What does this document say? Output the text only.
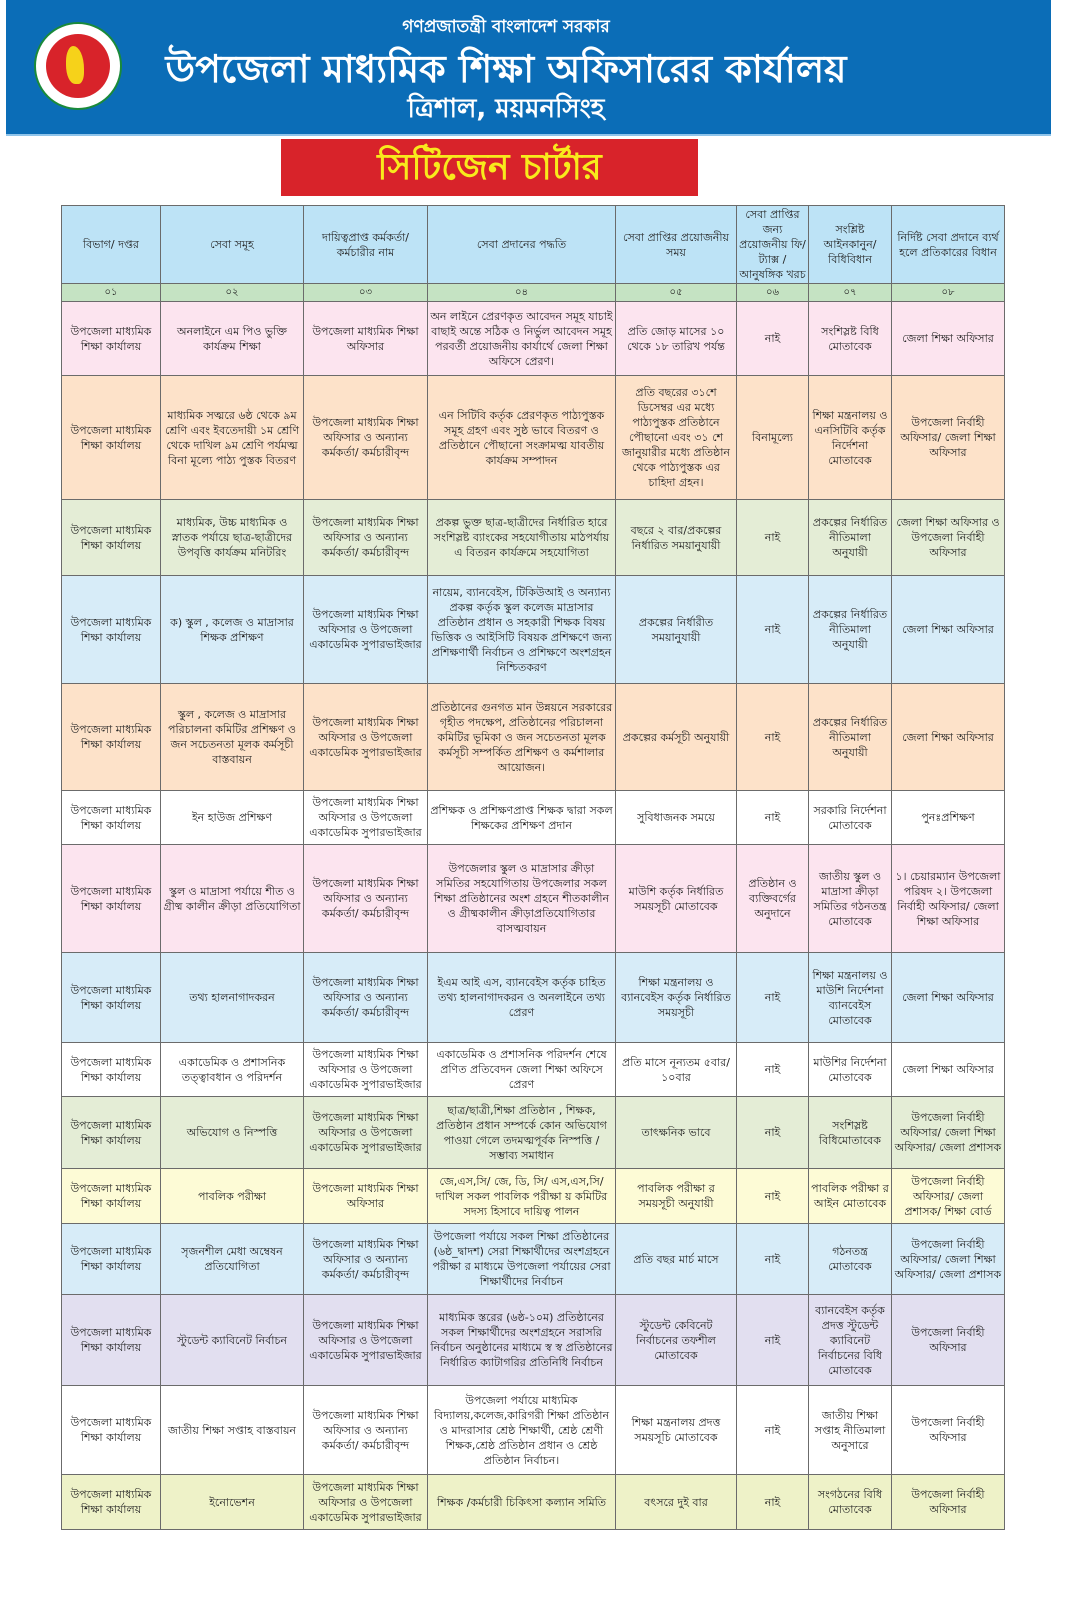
গণপ্রজাতন্ত্রী বাংলাদেশ সরকার
উপজেলা মাধ্যমিক শিক্ষা অফিসারের কার্যালয়
ত্রিশাল, ময়মনসিংহ
সিটিজেন চার্টার
বিভাগ/ দপ্তর	সেবা সমূহ	দায়িত্বপ্রাপ্ত কর্মকর্তা/ কর্মচারীর নাম	সেবা প্রদানের পদ্ধতি	সেবা প্রাপ্তির প্রয়োজনীয় সময়	সেবা প্রাপ্তির জন্য প্রয়োজনীয় ফি/ট্যাক্স /আনুষঙ্গিক খরচ	সংশ্লিষ্ট আইনকানুন/ বিধিবিধান	নির্দিষ্ট সেবা প্রদানে ব্যর্থ হলে প্রতিকারের বিধান
০১	০২	০৩	০৪	০৫	০৬	০৭	০৮
উপজেলা মাধ্যমিক শিক্ষা কার্যালয়	অনলাইনে এম পিও ভুক্তি কার্যক্রম শিক্ষা	উপজেলা মাধ্যমিক শিক্ষা অফিসার	অন লাইনে প্রেরণকৃত আবেদন সমূহ যাচাই বাছাই অন্তে সঠিক ও নির্ভুল আবেদন সমূহ পরবর্তী প্রয়োজনীয় কার্যার্থে জেলা শিক্ষা অফিসে প্রেরণ।	প্রতি জোড় মাসের ১০ থেকে ১৮ তারিখ পর্যন্ত	নাই	সংশিস্লষ্ট বিধি মোতাবেক	জেলা শিক্ষা অফিসার
উপজেলা মাধ্যমিক শিক্ষা কার্যালয়	মাধ্যমিক সত্মরে ৬ষ্ঠ থেকে ৯ম শ্রেণি এবং ইবতেদায়ী ১ম শ্রেণি থেকে দাখিল ৯ম শ্রেণি পর্যমত্ম বিনা মূল্যে পাঠ্য পুস্তক বিতরণ	উপজেলা মাধ্যমিক শিক্ষা অফিসার ও অন্যান্য কর্মকর্তা/ কর্মচারীবৃন্দ	এন সিটিবি কর্তৃক প্রেরণকৃত পাঠ্যপুস্তক সমূহ গ্রহণ এবং সুষ্ঠ ভাবে বিতরণ ও প্রতিষ্ঠানে পৌছানো সংক্রামত্ম যাবতীয় কার্যক্রম সম্পাদন	প্রতি বছরের ৩১শে ডিসেম্বর এর মধ্যে পাঠ্যপুস্তক প্রতিষ্ঠানে পৌছানো এবং ৩১ শে জানুয়ারীর মধ্যে প্রতিষ্ঠান থেকে পাঠ্যপুস্তক এর চাহিদা গ্রহন।	বিনামূল্যে	শিক্ষা মন্ত্রনালয় ও এনসিটিবি কর্তৃক নির্দেশনা মোতাবেক	উপজেলা নির্বাহী অফিসার/ জেলা শিক্ষা অফিসার
উপজেলা মাধ্যমিক শিক্ষা কার্যালয়	মাধ্যমিক, উচ্চ মাধ্যমিক ও স্নাতক পর্যায়ে ছাত্র-ছাত্রীদের উপবৃত্তি কার্যক্রম মনিটরিং	উপজেলা মাধ্যমিক শিক্ষা অফিসার ও অন্যান্য কর্মকর্তা/ কর্মচারীবৃন্দ	প্রকল্প ভুক্ত ছাত্র-ছাত্রীদের নির্ধারিত হারে সংশিস্লষ্ট ব্যাংকের সহযোগীতায় মাঠপর্যায় এ বিতরন কার্যক্রমে সহযোগিতা	বছরে ২ বার/প্রকল্পের নির্ধারিত সময়ানুযায়ী	নাই	প্রকল্পের নির্ধারিত নীতিমালা অনুযায়ী	জেলা শিক্ষা অফিসার ও উপজেলা নির্বাহী অফিসার
উপজেলা মাধ্যমিক শিক্ষা কার্যালয়	ক) স্কুল , কলেজ ও মাদ্রাসার শিক্ষক প্রশিক্ষণ	উপজেলা মাধ্যমিক শিক্ষা অফিসার ও উপজেলা একাডেমিক সুপারভাইজার	নায়েম, ব্যানবেইস, টিকিউআই ও অন্যান্য প্রকল্প কর্তৃক স্কুল কলেজ মাদ্রাসার প্রতিষ্ঠান প্রধান ও সহকারী শিক্ষক বিষয় ভিত্তিক ও আইসিটি বিষয়ক প্রশিক্ষণে জন্য প্রশিক্ষণার্থী নির্বাচন ও প্রশিক্ষণে অংশগ্রহন নিশ্চিতকরণ	প্রকল্পের নির্ধারীত সময়ানুযায়ী	নাই	প্রকল্পের নির্ধারিত নীতিমালা অনুযায়ী	জেলা শিক্ষা অফিসার
উপজেলা মাধ্যমিক শিক্ষা কার্যালয়	স্কুল , কলেজ ও মাদ্রাসার পরিচালনা কমিটির প্রশিক্ষণ ও জন সচেতনতা মূলক কর্মসূচী বাস্তবায়ন	উপজেলা মাধ্যমিক শিক্ষা অফিসার ও উপজেলা একাডেমিক সুপারভাইজার	প্রতিষ্ঠানের গুনগত মান উন্নয়নে সরকারের গৃহীত পদক্ষেপ, প্রতিষ্ঠানের পরিচালনা কমিটির ভূমিকা ও জন সচেতনতা মূলক কর্মসূচী সম্পর্কিত প্রশিক্ষণ ও কর্মশালার আয়োজন।	প্রকল্পের কর্মসূচী অনুযায়ী	নাই	প্রকল্পের নির্ধারিত নীতিমালা অনুযায়ী	জেলা শিক্ষা অফিসার
উপজেলা মাধ্যমিক শিক্ষা কার্যালয়	ইন হাউজ প্রশিক্ষণ	উপজেলা মাধ্যমিক শিক্ষা অফিসার ও উপজেলা একাডেমিক সুপারভাইজার	প্রশিক্ষক ও প্রশিক্ষণপ্রাপ্ত শিক্ষক দ্বারা সকল শিক্ষকের প্রশিক্ষণ প্রদান	সুবিধাজনক সময়ে	নাই	সরকারি নির্দেশনা মোতাবেক	পুনঃপ্রশিক্ষণ
উপজেলা মাধ্যমিক শিক্ষা কার্যালয়	স্কুল ও মাদ্রাসা পর্যায়ে শীত ও গ্রীষ্ম কালীন ক্রীড়া প্রতিযোগিতা	উপজেলা মাধ্যমিক শিক্ষা অফিসার ও অন্যান্য কর্মকর্তা/ কর্মচারীবৃন্দ	উপজেলার স্কুল ও মাদ্রাসার ক্রীড়া সমিতির সহযোগিতায় উপজেলার সকল শিক্ষা প্রতিষ্ঠানের অংশ গ্রহনে শীতকালীন ও গ্রীষ্মকালীন ক্রীড়াপ্রতিযোগিতার বাসত্মবায়ন	মাউশি কর্তৃক নির্ধারিত সময়সূচী মোতাবেক	প্রতিষ্ঠান ও ব্যক্তিবর্গের অনুদানে	জাতীয় স্কুল ও মাদ্রাসা ক্রীড়া সমিতির গঠনতন্ত্র মোতাবেক	১। চেয়ারম্যান উপজেলা পরিষদ ২। উপজেলা নির্বাহী অফিসার/ জেলা শিক্ষা অফিসার
উপজেলা মাধ্যমিক শিক্ষা কার্যালয়	তথ্য হালনাগাদকরন	উপজেলা মাধ্যমিক শিক্ষা অফিসার ও অন্যান্য কর্মকর্তা/ কর্মচারীবৃন্দ	ইএম আই এস, ব্যানবেইস কর্তৃক চাহিত তথ্য হালনাগাদকরন ও অনলাইনে তথ্য প্রেরণ	শিক্ষা মন্ত্রনালয় ও ব্যানবেইস কর্তৃক নির্ধারিত সময়সূচী	নাই	শিক্ষা মন্ত্রনালয় ও মাউশি নির্দেশনা ব্যানবেইস মোতাবেক	জেলা শিক্ষা অফিসার
উপজেলা মাধ্যমিক শিক্ষা কার্যালয়	একাডেমিক ও প্রশাসনিক তত্ত্বাবধান ও পরিদর্শন	উপজেলা মাধ্যমিক শিক্ষা অফিসার ও উপজেলা একাডেমিক সুপারভাইজার	একাডেমিক ও প্রশাসনিক পরিদর্শন শেষে প্রণিত প্রতিবেদন জেলা শিক্ষা অফিসে প্রেরণ	প্রতি মাসে নূন্যতম ৫বার/ ১০বার	নাই	মাউশির নির্দেশনা মোতাবেক	জেলা শিক্ষা অফিসার
উপজেলা মাধ্যমিক শিক্ষা কার্যালয়	অভিযোগ ও নিস্পত্তি	উপজেলা মাধ্যমিক শিক্ষা অফিসার ও উপজেলা একাডেমিক সুপারভাইজার	ছাত্র/ছাত্রী,শিক্ষা প্রতিষ্ঠান , শিক্ষক, প্রতিষ্ঠান প্রধান সম্পর্কে কোন অভিযোগ পাওয়া গেলে তদমত্মপূর্বক নিস্পত্তি / সম্ভাব্য সমাধান	তাৎক্ষনিক ভাবে	নাই	সংশিস্লষ্ট বিধিমোতাবেক	উপজেলা নির্বাহী অফিসার/ জেলা শিক্ষা অফিসার/ জেলা প্রশাসক
উপজেলা মাধ্যমিক শিক্ষা কার্যালয়	পাবলিক পরীক্ষা	উপজেলা মাধ্যমিক শিক্ষা অফিসার	জে,এস,সি/ জে, ডি, সি/ এস,এস,সি/ দাখিল সকল পাবলিক পরীক্ষা য় কমিটির সদস্য হিসাবে দায়িত্ব পালন	পাবলিক পরীক্ষা র সময়সূচী অনুযায়ী	নাই	পাবলিক পরীক্ষা র আইন মোতাবেক	উপজেলা নির্বাহী অফিসার/ জেলা প্রশাসক/ শিক্ষা বোর্ড
উপজেলা মাধ্যমিক শিক্ষা কার্যালয়	সৃজনশীল মেধা অম্বেষন প্রতিযোগিতা	উপজেলা মাধ্যমিক শিক্ষা অফিসার ও অন্যান্য কর্মকর্তা/ কর্মচারীবৃন্দ	উপজেলা পর্যায়ে সকল শিক্ষা প্রতিষ্ঠানের (৬ষ্ঠ_দ্বাদশ) সেরা শিক্ষার্থীদের অংশগ্রহনে পরীক্ষা র মাধ্যমে উপজেলা পর্যায়ের সেরা শিক্ষার্থীদের নির্বাচন	প্রতি বছর মার্চ মাসে	নাই	গঠনতন্ত্র মোতাবেক	উপজেলা নির্বাহী অফিসার/ জেলা শিক্ষা অফিসার/ জেলা প্রশাসক
উপজেলা মাধ্যমিক শিক্ষা কার্যালয়	স্টুডেন্ট ক্যাবিনেট নির্বাচন	উপজেলা মাধ্যমিক শিক্ষা অফিসার ও উপজেলা একাডেমিক সুপারভাইজার	মাধ্যমিক স্তরের (৬ষ্ঠ-১০ম) প্রতিষ্ঠানের সকল শিক্ষার্থীদের অংশগ্রহনে সরাসরি নির্বাচন অনুষ্ঠানের মাধ্যমে স্ব স্ব প্রতিষ্ঠানের নির্ধারিত ক্যাটাগরির প্রতিনিধি নির্বাচন	স্টুডেন্ট কেবিনেট নির্বাচনের তফশীল মোতাবেক	নাই	ব্যানবেইস কর্তৃক প্রদত্ত স্টুডেন্ট ক্যাবিনেট নির্বাচনের বিধি মোতাবেক	উপজেলা নির্বাহী অফিসার
উপজেলা মাধ্যমিক শিক্ষা কার্যালয়	জাতীয় শিক্ষা সপ্তাহ বাস্তবায়ন	উপজেলা মাধ্যমিক শিক্ষা অফিসার ও অন্যান্য কর্মকর্তা/ কর্মচারীবৃন্দ	উপজেলা পর্যায়ে মাধ্যমিক বিদ্যালয়,কলেজ,কারিগরী শিক্ষা প্রতিষ্ঠান ও মাদরাসার শ্রেষ্ঠ শিক্ষার্থী, শ্রেষ্ঠ শ্রেণী শিক্ষক,শ্রেষ্ঠ প্রতিষ্ঠান প্রধান ও শ্রেষ্ঠ প্রতিষ্ঠান নির্বাচন।	শিক্ষা মন্ত্রনালয় প্রদত্ত সময়সূচি মোতাবেক	নাই	জাতীয় শিক্ষা সপ্তাহ নীতিমালা অনুসারে	উপজেলা নির্বাহী অফিসার
উপজেলা মাধ্যমিক শিক্ষা কার্যালয়	ইনোভেশন	উপজেলা মাধ্যমিক শিক্ষা অফিসার ও উপজেলা একাডেমিক সুপারভাইজার	শিক্ষক /কর্মচারী চিকিৎসা কল্যান সমিতি	বৎসরে দুই বার	নাই	সংগঠনের বিধি মোতাবেক	উপজেলা নির্বাহী অফিসার
